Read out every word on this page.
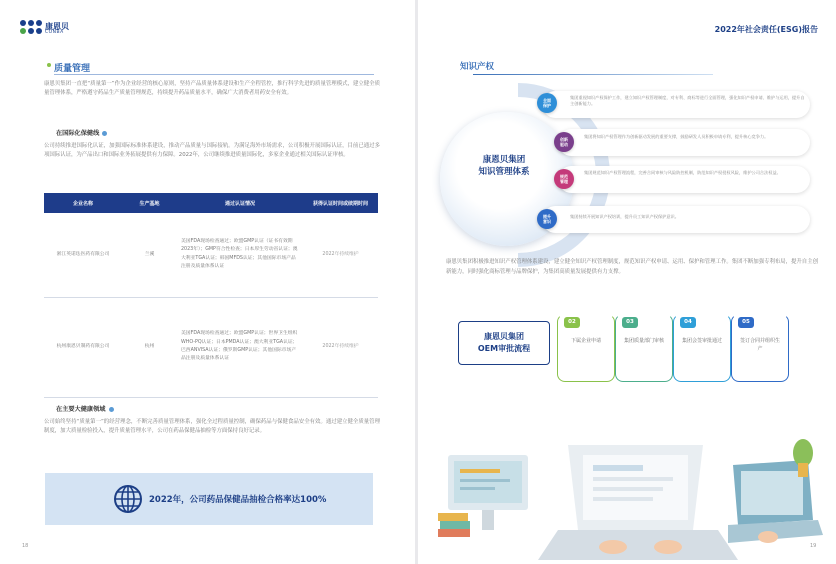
康恩贝
CONBA
质量管理
康恩贝集团一直把“质量第一”作为企业经营的核心原则，坚持产品质量体系建设和生产全程管控，推行科学先进的质量管理模式，建立健全质量管理体系，严格遵守药品生产质量管理规范，持续提升药品质量水平，确保广大消费者用药安全有效。
在国际化保健线
公司持续推进国际化认证，加强国际标准体系建设，推动产品质量与国际接轨。为满足海外市场需求，公司积极开展国际认证，目前已通过多项国际认证，为产品出口和国际业务拓展提供有力保障。2022年，公司继续推进质量国际化，多家企业通过相关国际认证审核。
企业名称	生产基地	通过认证情况	获得认证时间或续期时间
浙江英诺珐医药有限公司	兰溪	美国FDA现场检查通过；欧盟GMP认证（证书有效期2023年）；GMP符合性检查；日本厚生劳动省认证；澳大利亚TGA认证；韩国MFDS认证；其他国际市场产品注册及质量体系认证	2022年持续维护
杭州康恩贝制药有限公司	杭州	美国FDA现场检查通过；欧盟GMP认证；世界卫生组织WHO-PQ认证；日本PMDA认证；澳大利亚TGA认证；巴西ANVISA认证；俄罗斯GMP认证；其他国际市场产品注册及质量体系认证	2022年持续维护
在主要大健康领域
公司始终坚持“质量第一”的经营理念，不断完善质量管理体系，强化全过程质量控制，确保药品与保健食品安全有效。通过建立健全质量管理制度，加大质量检验投入，提升质量管理水平，公司在药品保健品抽检等方面保持良好记录。
2022年，公司药品保健品抽检合格率达100%
18
2022年社会责任(ESG)报告
知识产权
康恩贝集团
知识管理体系
全面
保护
集团重视知识产权保护工作，建立知识产权管理制度，对专利、商标等进行全面管理，强化知识产权申请、维护与运用，提升自主创新能力。
创新
驱动
集团将知识产权管理作为创新驱动发展的重要支撑，鼓励研发人员积极申请专利，提升核心竞争力。
规范
管理
集团规范知识产权管理流程，完善合同审核与风险防控机制，防范知识产权侵权风险，维护公司合法权益。
提升
意识
集团持续开展知识产权培训，提升员工知识产权保护意识。
康恩贝集团积极推进知识产权管理体系建设，建立健全知识产权管理制度，规范知识产权申请、运用、保护和管理工作。集团不断加强专利布局，提升自主创新能力，同时强化商标管理与品牌保护，为集团高质量发展提供有力支撑。
康恩贝集团
OEM审批流程
02
下属企业申请
03
集团质量部门审核
04
集团会签审批通过
05
签订合同并组织生产
19
